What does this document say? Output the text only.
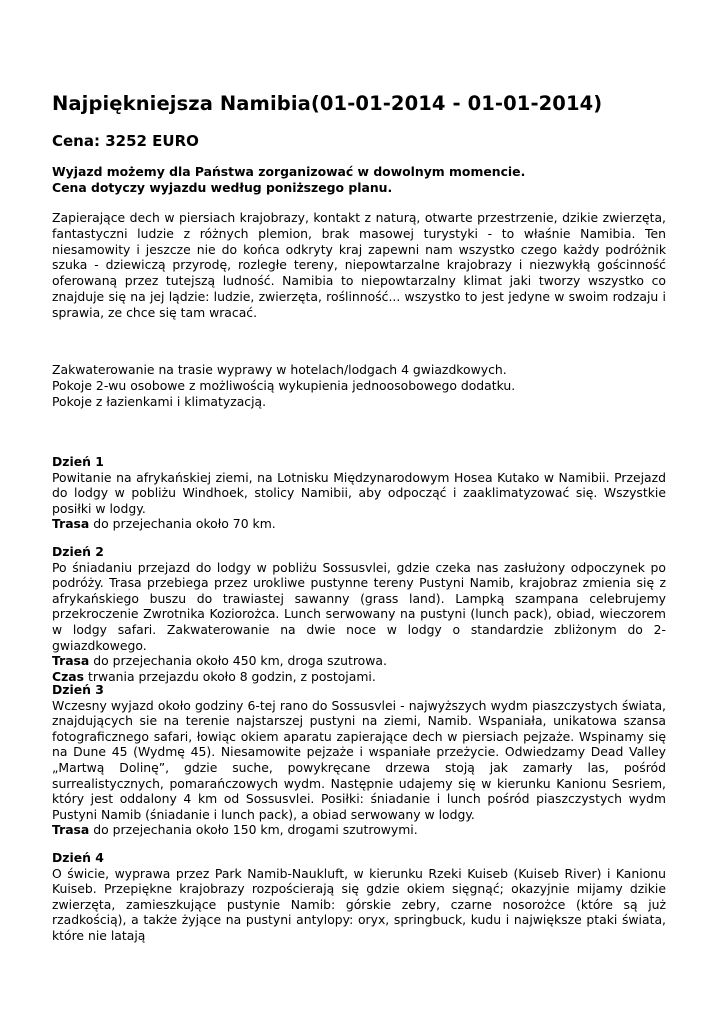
Najpiękniejsza Namibia(01-01-2014 - 01-01-2014)
Cena: 3252 EURO
Wyjazd możemy dla Państwa zorganizować w dowolnym momencie.
Cena dotyczy wyjazdu według poniższego planu.

Zapierające dech w piersiach krajobrazy, kontakt z naturą, otwarte przestrzenie, dzikie zwierzęta, fantastyczni ludzie z różnych plemion, brak masowej turystyki - to właśnie Namibia. Ten niesamowity i jeszcze nie do końca odkryty kraj zapewni nam wszystko czego każdy podróżnik szuka - dziewiczą przyrodę, rozległe tereny, niepowtarzalne krajobrazy i niezwykłą gościnność oferowaną przez tutejszą ludność. Namibia to niepowtarzalny klimat jaki tworzy wszystko co znajduje się na jej lądzie: ludzie, zwierzęta, roślinność... wszystko to jest jedyne w swoim rodzaju i sprawia, ze chce się tam wracać.

Zakwaterowanie na trasie wyprawy w hotelach/lodgach 4 gwiazdkowych.
Pokoje 2-wu osobowe z możliwością wykupienia jednoosobowego dodatku.
Pokoje z łazienkami i klimatyzacją.
Dzień 1

Powitanie na afrykańskiej ziemi, na Lotnisku Międzynarodowym Hosea Kutako w Namibii. Przejazd do lodgy w pobliżu Windhoek, stolicy Namibii, aby odpocząć i zaaklimatyzować się. Wszystkie posiłki w lodgy.

Trasa do przejechania około 70 km.
Dzień 2

Po śniadaniu przejazd do lodgy w pobliżu Sossusvlei, gdzie czeka nas zasłużony odpoczynek po podróży. Trasa przebiega przez urokliwe pustynne tereny Pustyni Namib, krajobraz zmienia się z afrykańskiego buszu do trawiastej sawanny (grass land). Lampką szampana celebrujemy przekroczenie Zwrotnika Koziorożca. Lunch serwowany na pustyni (lunch pack), obiad, wieczorem w lodgy safari. Zakwaterowanie na dwie noce w lodgy o standardzie zbliżonym do 2-gwiazdkowego.

Trasa do przejechania około 450 km, droga szutrowa.
Czas trwania przejazdu około 8 godzin, z postojami.
Dzień 3

Wczesny wyjazd około godziny 6-tej rano do Sossusvlei - najwyższych wydm piaszczystych świata, znajdujących sie na terenie najstarszej pustyni na ziemi, Namib. Wspaniała, unikatowa szansa fotograficznego safari, łowiąc okiem aparatu zapierające dech w piersiach pejzaże. Wspinamy się na Dune 45 (Wydmę 45). Niesamowite pejzaże i wspaniałe przeżycie. Odwiedzamy Dead Valley „Martwą Dolinę”, gdzie suche, powykręcane drzewa stoją jak zamarły las, pośród surrealistycznych, pomarańczowych wydm. Następnie udajemy się w kierunku Kanionu Sesriem, który jest oddalony 4 km od Sossusvlei. Posiłki: śniadanie i lunch pośród piaszczystych wydm Pustyni Namib (śniadanie i lunch pack), a obiad serwowany w lodgy.

Trasa do przejechania około 150 km, drogami szutrowymi.
Dzień 4

O świcie, wyprawa przez Park Namib-Naukluft, w kierunku Rzeki Kuiseb (Kuiseb River) i Kanionu Kuiseb. Przepiękne krajobrazy rozpościerają się gdzie okiem sięgnąć; okazyjnie mijamy dzikie zwierzęta, zamieszkujące pustynie Namib: górskie zebry, czarne nosorożce (które są już rzadkością), a także żyjące na pustyni antylopy: oryx, springbuck, kudu i największe ptaki świata, które nie latają
